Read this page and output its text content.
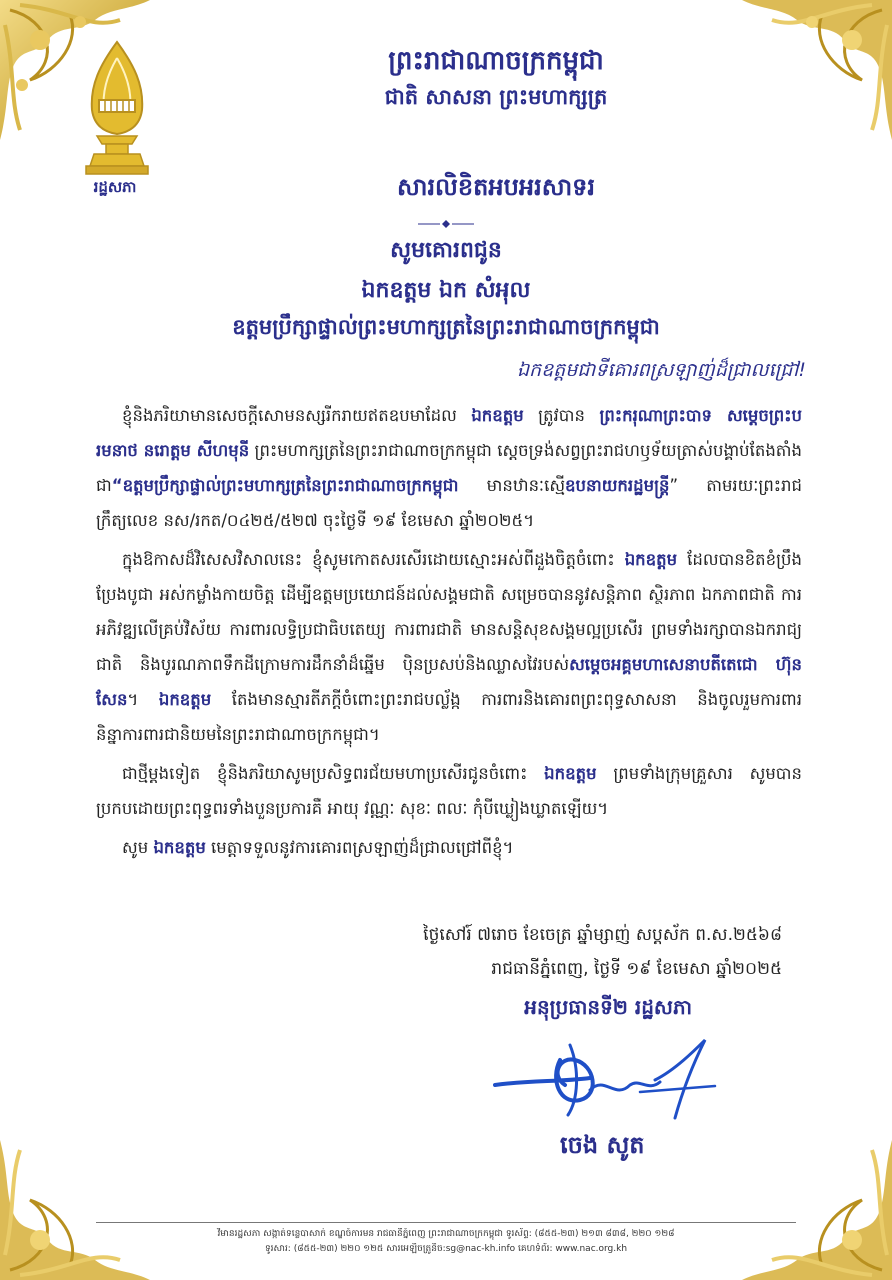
រដ្ឋសភា
ព្រះរាជាណាចក្រកម្ពុជា
ជាតិ សាសនា ព្រះមហាក្សត្រ
សារលិខិតអបអរសាទរ
សូមគោរពជូន
ឯកឧត្តម ឯក សំអុល
ឧត្តមប្រឹក្សាផ្ទាល់ព្រះមហាក្សត្រនៃព្រះរាជាណាចក្រកម្ពុជា
ឯកឧត្តមជាទីគោរពស្រឡាញ់ដ៏ជ្រាលជ្រៅ!

ខ្ញុំនិងភរិយាមានសេចក្តីសោមនស្សរីករាយឥតឧបមាដែល ឯកឧត្តម ត្រូវបាន ព្រះករុណាព្រះបាទ សម្តេចព្រះបរមនាថ នរោត្តម សីហមុនី ព្រះមហាក្សត្រនៃព្រះរាជាណាចក្រកម្ពុជា ស្តេចទ្រង់សព្វព្រះរាជហឫទ័យត្រាស់បង្គាប់តែងតាំងជា“ឧត្តមប្រឹក្សាផ្ទាល់ព្រះមហាក្សត្រនៃព្រះរាជាណាចក្រកម្ពុជា មានឋានៈស្មើឧបនាយករដ្ឋមន្ត្រី” តាមរយៈព្រះរាជក្រឹត្យលេខ នស/រកត/០៤២៥/៥២៧ ចុះថ្ងៃទី ១៩ ខែមេសា ឆ្នាំ២០២៥។

ក្នុងឱកាសដ៏វិសេសវិសាលនេះ ខ្ញុំសូមកោតសរសើរដោយស្មោះអស់ពីដួងចិត្តចំពោះ ឯកឧត្តម ដែលបានខិតខំប្រឹងប្រែងបូជា អស់កម្លាំងកាយចិត្ត ដើម្បីឧត្តមប្រយោជន៍ដល់សង្គមជាតិ សម្រេចបាននូវសន្តិភាព ស្ថិរភាព ឯកភាពជាតិ ការអភិវឌ្ឍលើគ្រប់វិស័យ ការពារលទ្ធិប្រជាធិបតេយ្យ ការពារជាតិ មានសន្តិសុខសង្គមល្អប្រសើរ ព្រមទាំងរក្សាបានឯករាជ្យជាតិ និងបូរណភាពទឹកដីក្រោមការដឹកនាំដ៏ឆ្នើម ប៉ិនប្រសប់និងឈ្លាសវៃរបស់សម្តេចអគ្គមហាសេនាបតីតេជោ ហ៊ុន សែន។ ឯកឧត្តម តែងមានស្មារតីភក្តីចំពោះព្រះរាជបល្ល័ង្ក ការពារនិងគោរពព្រះពុទ្ធសាសនា និងចូលរួមការពារនិន្នាការពារជានិយមនៃព្រះរាជាណាចក្រកម្ពុជា។

ជាថ្មីម្តងទៀត ខ្ញុំនិងភរិយាសូមប្រសិទ្ធពរជ័យមហាប្រសើរជូនចំពោះ ឯកឧត្តម ព្រមទាំងក្រុមគ្រួសារ សូមបានប្រកបដោយព្រះពុទ្ធពរទាំងបួនប្រការគឺ អាយុ វណ្ណៈ សុខៈ ពលៈ កុំបីឃ្លៀងឃ្លាតឡើយ។

សូម ឯកឧត្តម មេត្តាទទួលនូវការគោរពស្រឡាញ់ដ៏ជ្រាលជ្រៅពីខ្ញុំ។

ថ្ងៃសៅរ៍ ៧រោច ខែចេត្រ ឆ្នាំម្សាញ់ សប្តស័ក ព.ស.២៥៦៨
រាជធានីភ្នំពេញ, ថ្ងៃទី ១៩ ខែមេសា ឆ្នាំ២០២៥
អនុប្រធានទី២ រដ្ឋសភា
ចេង សូត
វិមានរដ្ឋសភា សង្កាត់ទន្លេបាសាក់ ខណ្ឌចំការមន រាជធានីភ្នំពេញ ព្រះរាជាណាចក្រកម្ពុជា ទូរស័ព្ទ: (៨៥៥-២៣) ២១៣ ៨៣៨, ២២០ ១២៨
ទូរសារ: (៨៥៥-២៣) ២២០ ១២៥ សារអេឡិចត្រូនិច:sg@nac-kh.info គេហទំព័រ: www.nac.org.kh
